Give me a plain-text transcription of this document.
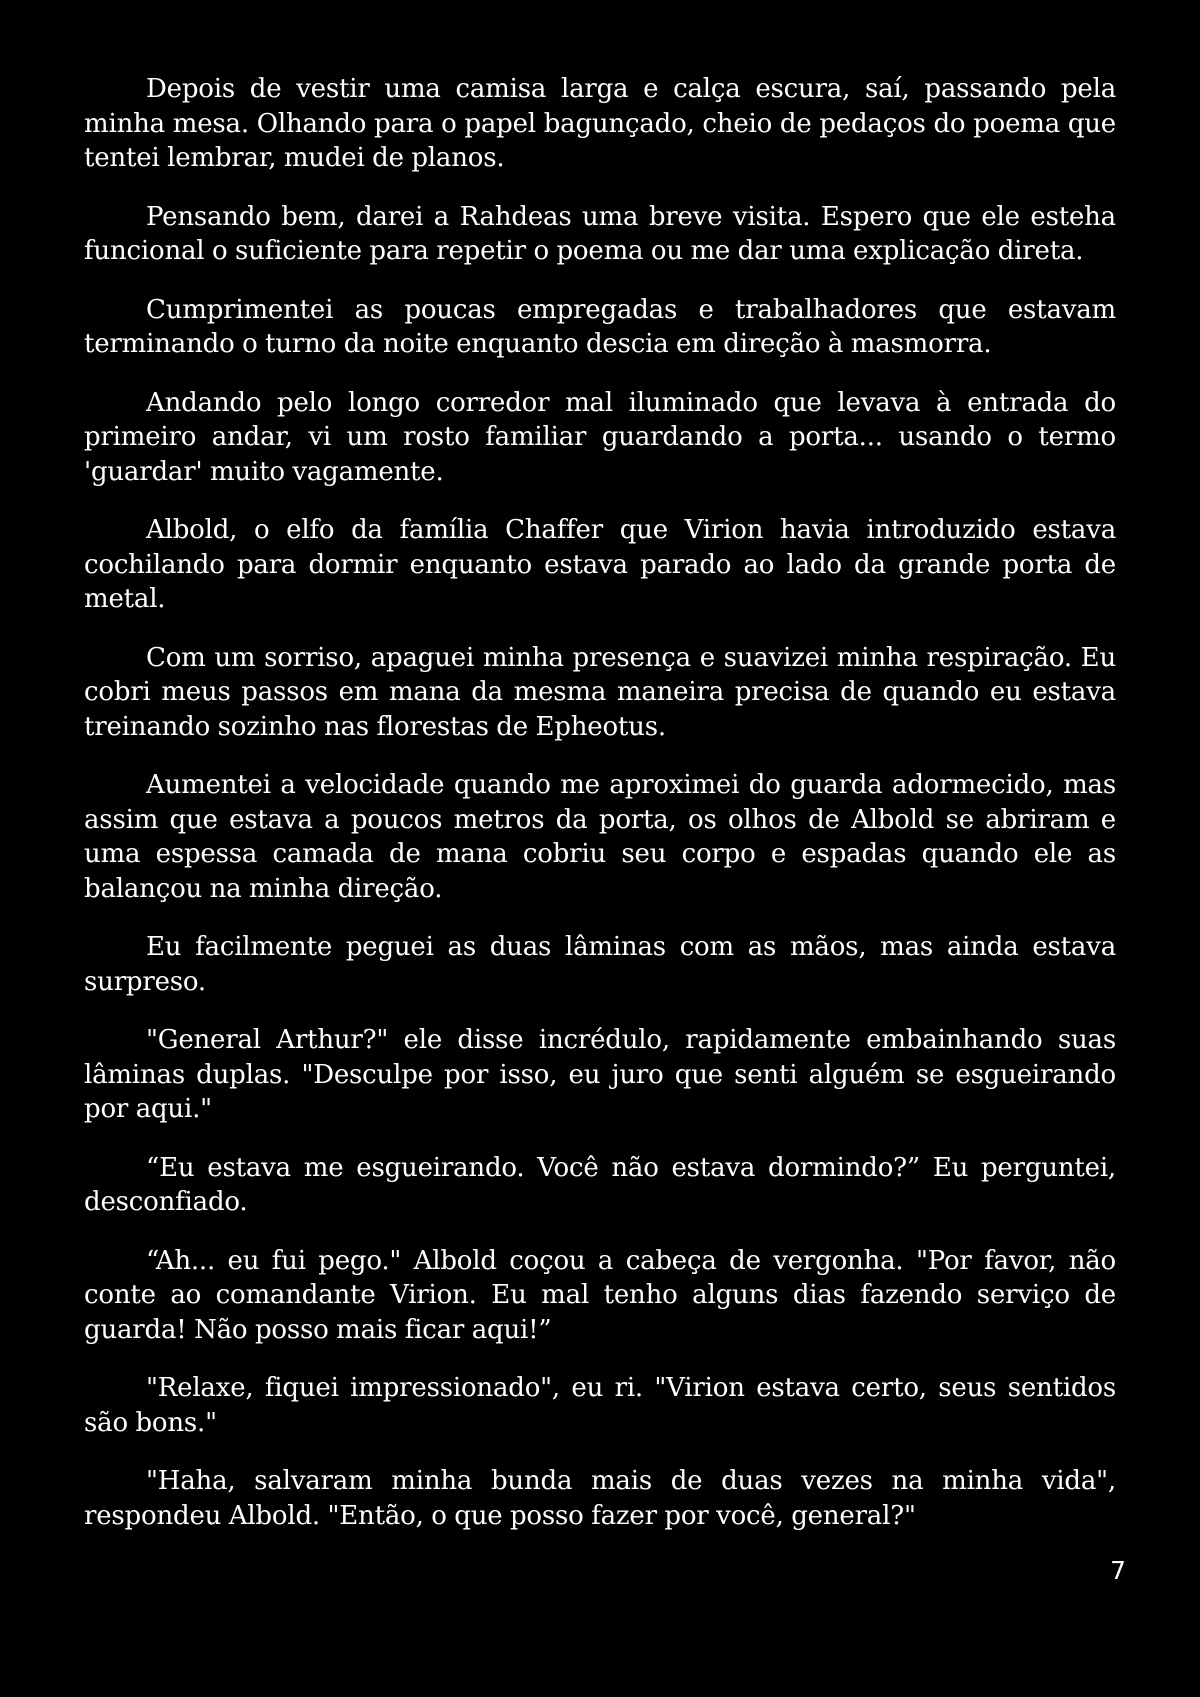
Depois de vestir uma camisa larga e calça escura, saí, passando pela minha mesa. Olhando para o papel bagunçado, cheio de pedaços do poema que tentei lembrar, mudei de planos.

Pensando bem, darei a Rahdeas uma breve visita. Espero que ele esteha funcional o suficiente para repetir o poema ou me dar uma explicação direta.

Cumprimentei as poucas empregadas e trabalhadores que estavam terminando o turno da noite enquanto descia em direção à masmorra.

Andando pelo longo corredor mal iluminado que levava à entrada do primeiro andar, vi um rosto familiar guardando a porta... usando o termo 'guardar' muito vagamente.

Albold, o elfo da família Chaffer que Virion havia introduzido estava cochilando para dormir enquanto estava parado ao lado da grande porta de metal.

Com um sorriso, apaguei minha presença e suavizei minha respiração. Eu cobri meus passos em mana da mesma maneira precisa de quando eu estava treinando sozinho nas florestas de Epheotus.

Aumentei a velocidade quando me aproximei do guarda adormecido, mas assim que estava a poucos metros da porta, os olhos de Albold se abriram e uma espessa camada de mana cobriu seu corpo e espadas quando ele as balançou na minha direção.

Eu facilmente peguei as duas lâminas com as mãos, mas ainda estava surpreso.

"General Arthur?" ele disse incrédulo, rapidamente embainhando suas lâminas duplas. "Desculpe por isso, eu juro que senti alguém se esgueirando por aqui."

“Eu estava me esgueirando. Você não estava dormindo?” Eu perguntei, desconfiado.

“Ah... eu fui pego." Albold coçou a cabeça de vergonha. "Por favor, não conte ao comandante Virion. Eu mal tenho alguns dias fazendo serviço de guarda! Não posso mais ficar aqui!”

"Relaxe, fiquei impressionado", eu ri. "Virion estava certo, seus sentidos são bons."

"Haha, salvaram minha bunda mais de duas vezes na minha vida", respondeu Albold. "Então, o que posso fazer por você, general?"

7
